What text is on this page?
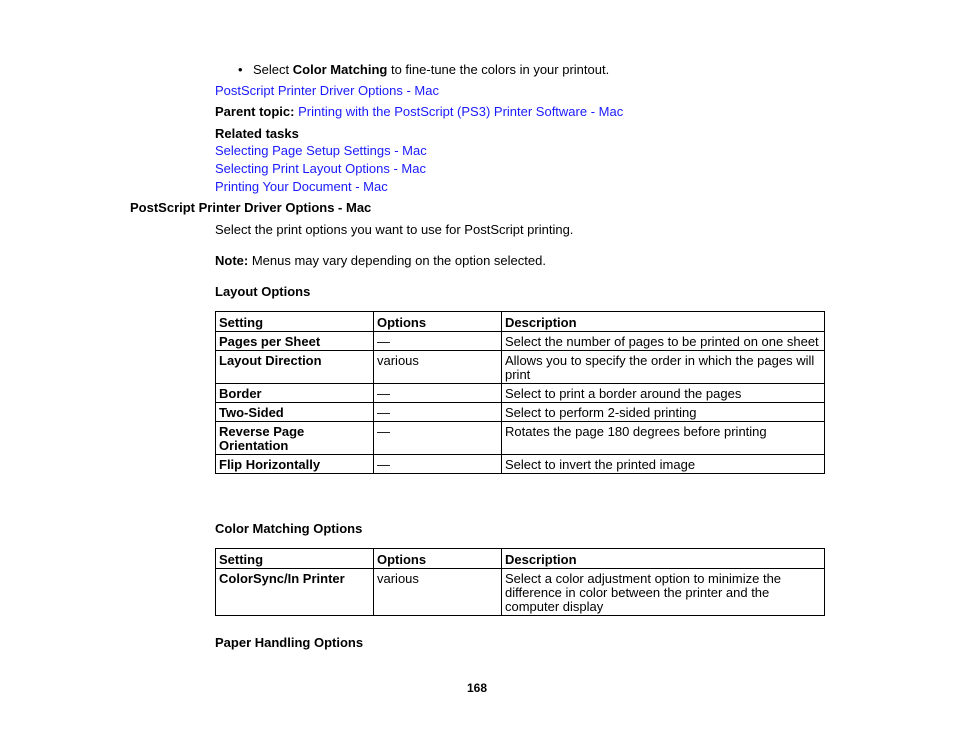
• Select Color Matching to fine-tune the colors in your printout.
PostScript Printer Driver Options - Mac
Parent topic: Printing with the PostScript (PS3) Printer Software - Mac
Related tasks
Selecting Page Setup Settings - Mac
Selecting Print Layout Options - Mac
Printing Your Document - Mac
PostScript Printer Driver Options - Mac
Select the print options you want to use for PostScript printing.
Note: Menus may vary depending on the option selected.
Layout Options
Setting	Options	Description
Pages per Sheet	—	Select the number of pages to be printed on one sheet
Layout Direction	various	Allows you to specify the order in which the pages will print
Border	—	Select to print a border around the pages
Two-Sided	—	Select to perform 2-sided printing
Reverse Page Orientation	—	Rotates the page 180 degrees before printing
Flip Horizontally	—	Select to invert the printed image
Color Matching Options
Setting	Options	Description
ColorSync/In Printer	various	Select a color adjustment option to minimize the difference in color between the printer and the computer display
Paper Handling Options
168
